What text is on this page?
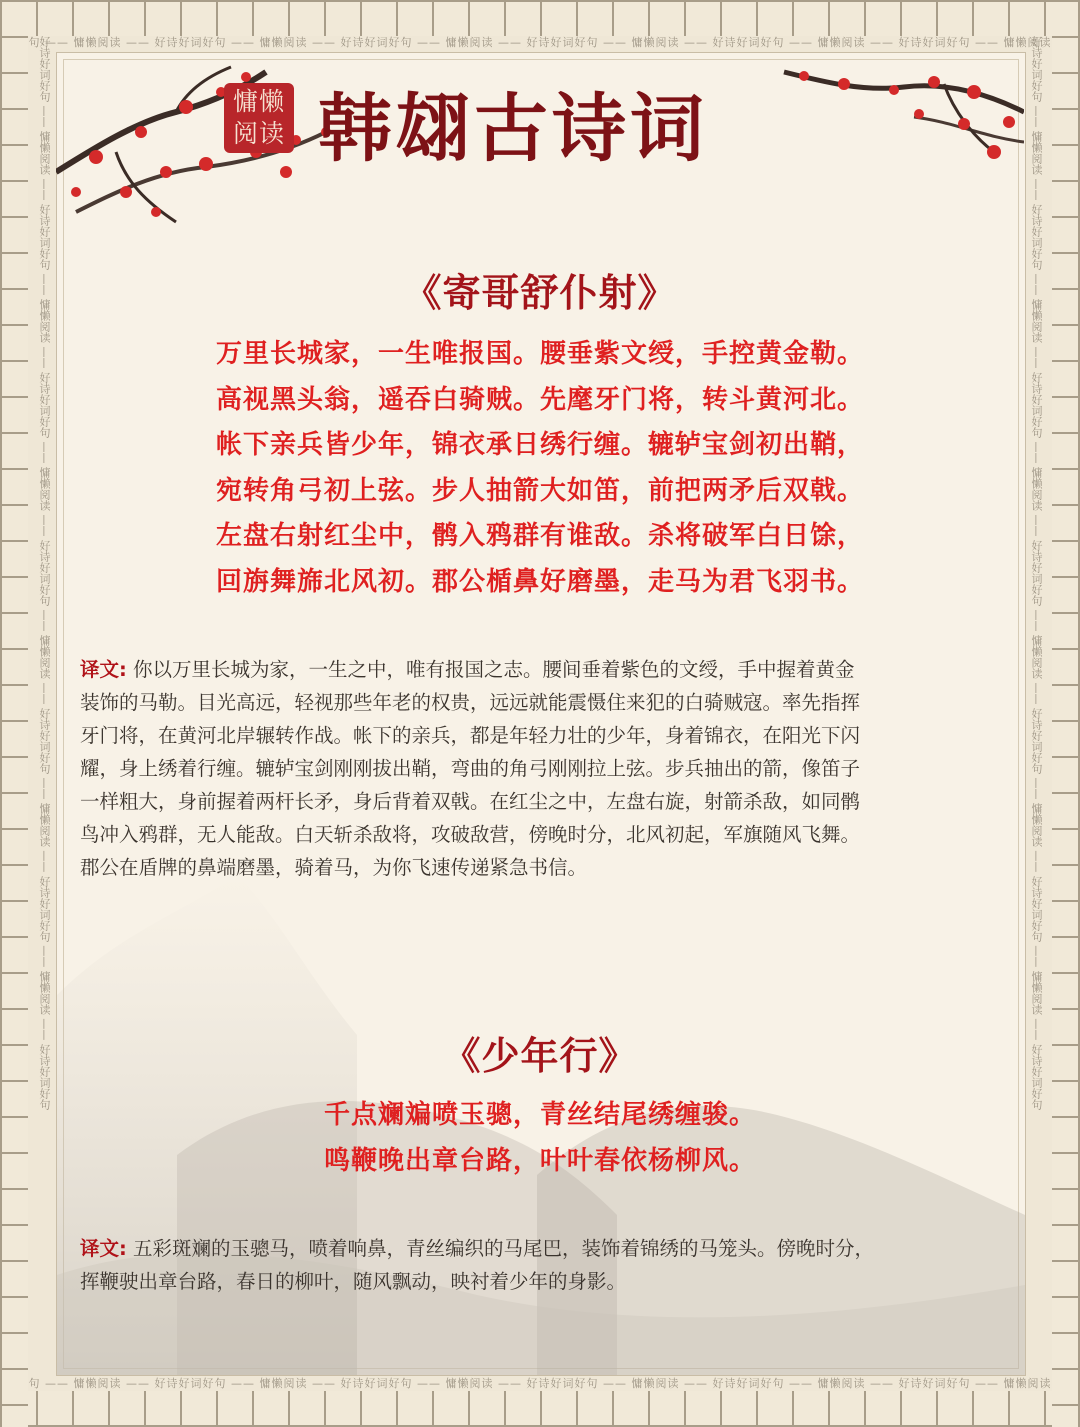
句 —— 慵懒阅读 —— 好诗好词好句 —— 慵懒阅读 —— 好诗好词好句 —— 慵懒阅读 —— 好诗好词好句 —— 慵懒阅读 —— 好诗好词好句 —— 慵懒阅读 —— 好诗好词好句 —— 慵懒阅读
句 —— 慵懒阅读 —— 好诗好词好句 —— 慵懒阅读 —— 好诗好词好句 —— 慵懒阅读 —— 好诗好词好句 —— 慵懒阅读 —— 好诗好词好句 —— 慵懒阅读 —— 好诗好词好句 —— 慵懒阅读
好诗好词好句 —— 慵懒阅读 —— 好诗好词好句 —— 慵懒阅读 —— 好诗好词好句 —— 慵懒阅读 —— 好诗好词好句 —— 慵懒阅读 —— 好诗好词好句 —— 慵懒阅读 —— 好诗好词好句 —— 慵懒阅读 —— 好诗好词好句	好诗好词好句 —— 慵懒阅读 —— 好诗好词好句 —— 慵懒阅读 —— 好诗好词好句 —— 慵懒阅读 —— 好诗好词好句 —— 慵懒阅读 —— 好诗好词好句 —— 慵懒阅读 —— 好诗好词好句 —— 慵懒阅读 —— 好诗好词好句
慵懒
阅读 韩翃古诗词
《寄哥舒仆射》
万里长城家，一生唯报国。腰垂紫文绶，手控黄金勒。
高视黑头翁，遥吞白骑贼。先麾牙门将，转斗黄河北。
帐下亲兵皆少年，锦衣承日绣行缠。辘轳宝剑初出鞘，
宛转角弓初上弦。步人抽箭大如笛，前把两矛后双戟。
左盘右射红尘中，鹘入鸦群有谁敌。杀将破军白日馀，
回旃舞旆北风初。郡公楯鼻好磨墨，走马为君飞羽书。
译文: 你以万里长城为家，一生之中，唯有报国之志。腰间垂着紫色的文绶，手中握着黄金
装饰的马勒。目光高远，轻视那些年老的权贵，远远就能震慑住来犯的白骑贼寇。率先指挥
牙门将，在黄河北岸辗转作战。帐下的亲兵，都是年轻力壮的少年，身着锦衣，在阳光下闪
耀，身上绣着行缠。辘轳宝剑刚刚拔出鞘，弯曲的角弓刚刚拉上弦。步兵抽出的箭，像笛子
一样粗大，身前握着两杆长矛，身后背着双戟。在红尘之中，左盘右旋，射箭杀敌，如同鹘
鸟冲入鸦群，无人能敌。白天斩杀敌将，攻破敌营，傍晚时分，北风初起，军旗随风飞舞。
郡公在盾牌的鼻端磨墨，骑着马，为你飞速传递紧急书信。
《少年行》
千点斓斒喷玉骢，青丝结尾绣缠骏。
鸣鞭晚出章台路，叶叶春依杨柳风。
译文: 五彩斑斓的玉骢马，喷着响鼻，青丝编织的马尾巴，装饰着锦绣的马笼头。傍晚时分，
挥鞭驶出章台路，春日的柳叶，随风飘动，映衬着少年的身影。
